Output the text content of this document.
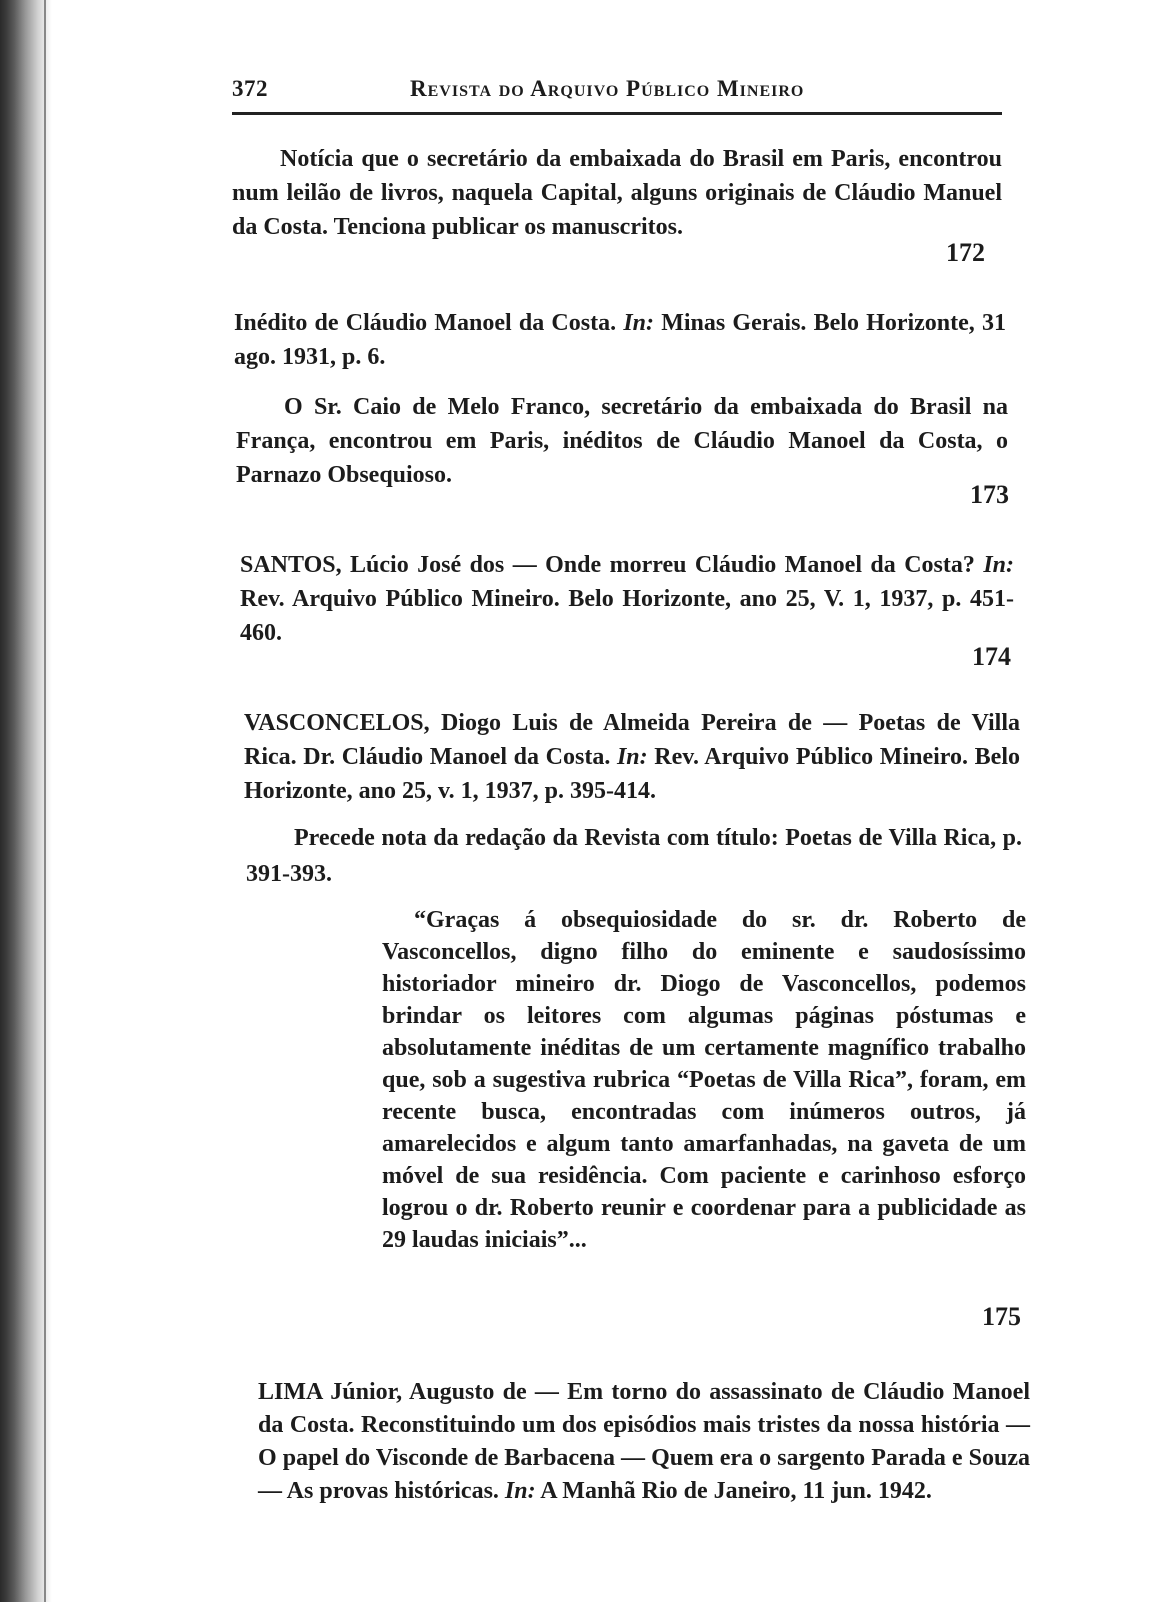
372	Revista do Arquivo Público Mineiro

Notícia que o secretário da embaixada do Brasil em Paris, encontrou num leilão de livros, naquela Capital, alguns originais de Cláudio Manuel da Costa. Tenciona publicar os manuscritos.

172

Inédito de Cláudio Manoel da Costa. In: Minas Gerais. Belo Horizonte, 31 ago. 1931, p. 6.

O Sr. Caio de Melo Franco, secretário da embaixada do Brasil na França, encontrou em Paris, inéditos de Cláudio Manoel da Costa, o Parnazo Obsequioso.

173

SANTOS, Lúcio José dos — Onde morreu Cláudio Manoel da Costa? In: Rev. Arquivo Público Mineiro. Belo Horizonte, ano 25, V. 1, 1937, p. 451-460.

174

VASCONCELOS, Diogo Luis de Almeida Pereira de — Poetas de Villa Rica. Dr. Cláudio Manoel da Costa. In: Rev. Arquivo Público Mineiro. Belo Horizonte, ano 25, v. 1, 1937, p. 395-414.

Precede nota da redação da Revista com título: Poetas de Villa Rica, p. 391-393.

“Graças á obsequiosidade do sr. dr. Roberto de Vasconcellos, digno filho do eminente e saudosíssimo historiador mineiro dr. Diogo de Vasconcellos, podemos brindar os leitores com algumas páginas póstumas e absolutamente inéditas de um certamente magnífico trabalho que, sob a sugestiva rubrica “Poetas de Villa Rica”, foram, em recente busca, encontradas com inúmeros outros, já amarelecidos e algum tanto amarfanhadas, na gaveta de um móvel de sua residência. Com paciente e carinhoso esforço logrou o dr. Roberto reunir e coordenar para a publicidade as 29 laudas iniciais”...

175

LIMA Júnior, Augusto de — Em torno do assassinato de Cláudio Manoel da Costa. Reconstituindo um dos episódios mais tristes da nossa história — O papel do Visconde de Barbacena — Quem era o sargento Parada e Souza — As provas históricas. In: A Manhã Rio de Janeiro, 11 jun. 1942.
